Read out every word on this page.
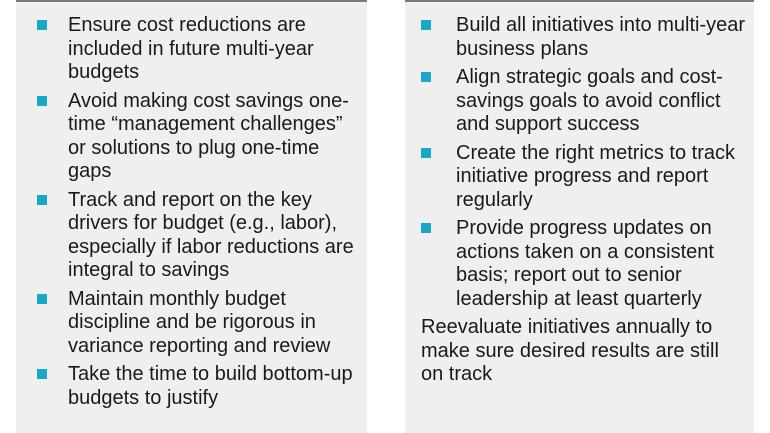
Ensure cost reductions are included in future multi-year budgets
Avoid making cost savings one-time “management challenges” or solutions to plug one-time gaps
Track and report on the key drivers for budget (e.g., labor), especially if labor reductions are integral to savings
Maintain monthly budget discipline and be rigorous in variance reporting and review
Take the time to build bottom-up budgets to justify
Build all initiatives into multi-year business plans
Align strategic goals and cost-savings goals to avoid conflict and support success
Create the right metrics to track initiative progress and report regularly
Provide progress updates on actions taken on a consistent basis; report out to senior leadership at least quarterly

Reevaluate initiatives annually to make sure desired results are still on track
